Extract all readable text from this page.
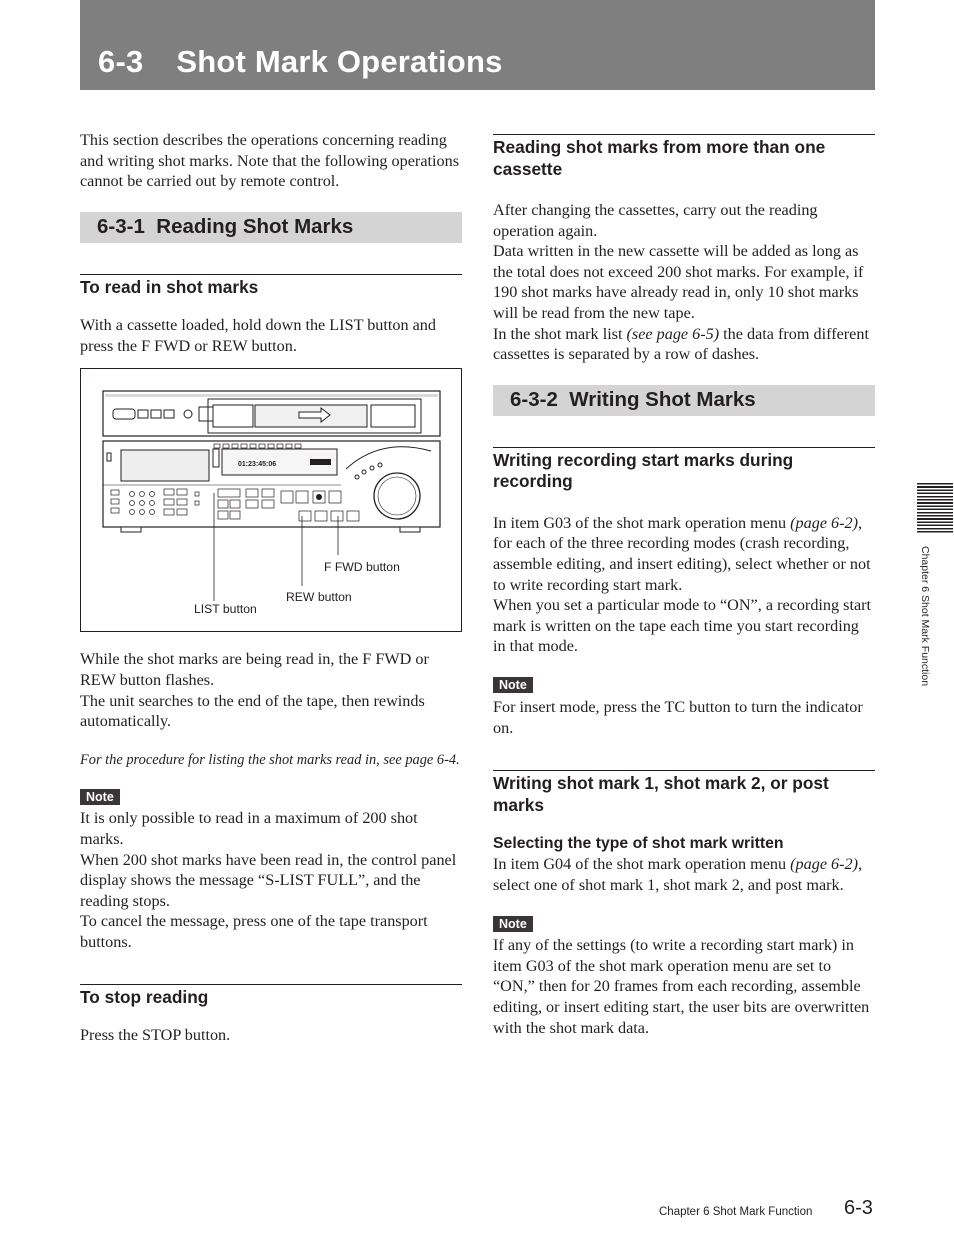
6-3 Shot Mark Operations

This section describes the operations concerning reading and writing shot marks. Note that the following operations cannot be carried out by remote control.

6-3-1 Reading Shot Marks
To read in shot marks

With a cassette loaded, hold down the LIST button and press the F FWD or REW button.

01:23:45:06
F FWD button
REW button
LIST button

While the shot marks are being read in, the F FWD or REW button flashes.

The unit searches to the end of the tape, then rewinds automatically.

For the procedure for listing the shot marks read in, see page 6-4.

Note

It is only possible to read in a maximum of 200 shot marks.

When 200 shot marks have been read in, the control panel display shows the message “S-LIST FULL”, and the reading stops.

To cancel the message, press one of the tape transport buttons.

To stop reading

Press the STOP button.

Reading shot marks from more than one cassette

After changing the cassettes, carry out the reading operation again.

Data written in the new cassette will be added as long as the total does not exceed 200 shot marks. For example, if 190 shot marks have already read in, only 10 shot marks will be read from the new tape.

In the shot mark list (see page 6-5) the data from different cassettes is separated by a row of dashes.

6-3-2 Writing Shot Marks
Writing recording start marks during recording

In item G03 of the shot mark operation menu (page 6-2), for each of the three recording modes (crash recording, assemble editing, and insert editing), select whether or not to write recording start mark.

When you set a particular mode to “ON”, a recording start mark is written on the tape each time you start recording in that mode.

Note

For insert mode, press the TC button to turn the indicator on.

Writing shot mark 1, shot mark 2, or post marks
Selecting the type of shot mark written

In item G04 of the shot mark operation menu (page 6-2), select one of shot mark 1, shot mark 2, and post mark.

Note

If any of the settings (to write a recording start mark) in item G03 of the shot mark operation menu are set to “ON,” then for 20 frames from each recording, assemble editing, or insert editing start, the user bits are overwritten with the shot mark data.

Chapter 6 Shot Mark Function
Chapter 6 Shot Mark Function 6-3
